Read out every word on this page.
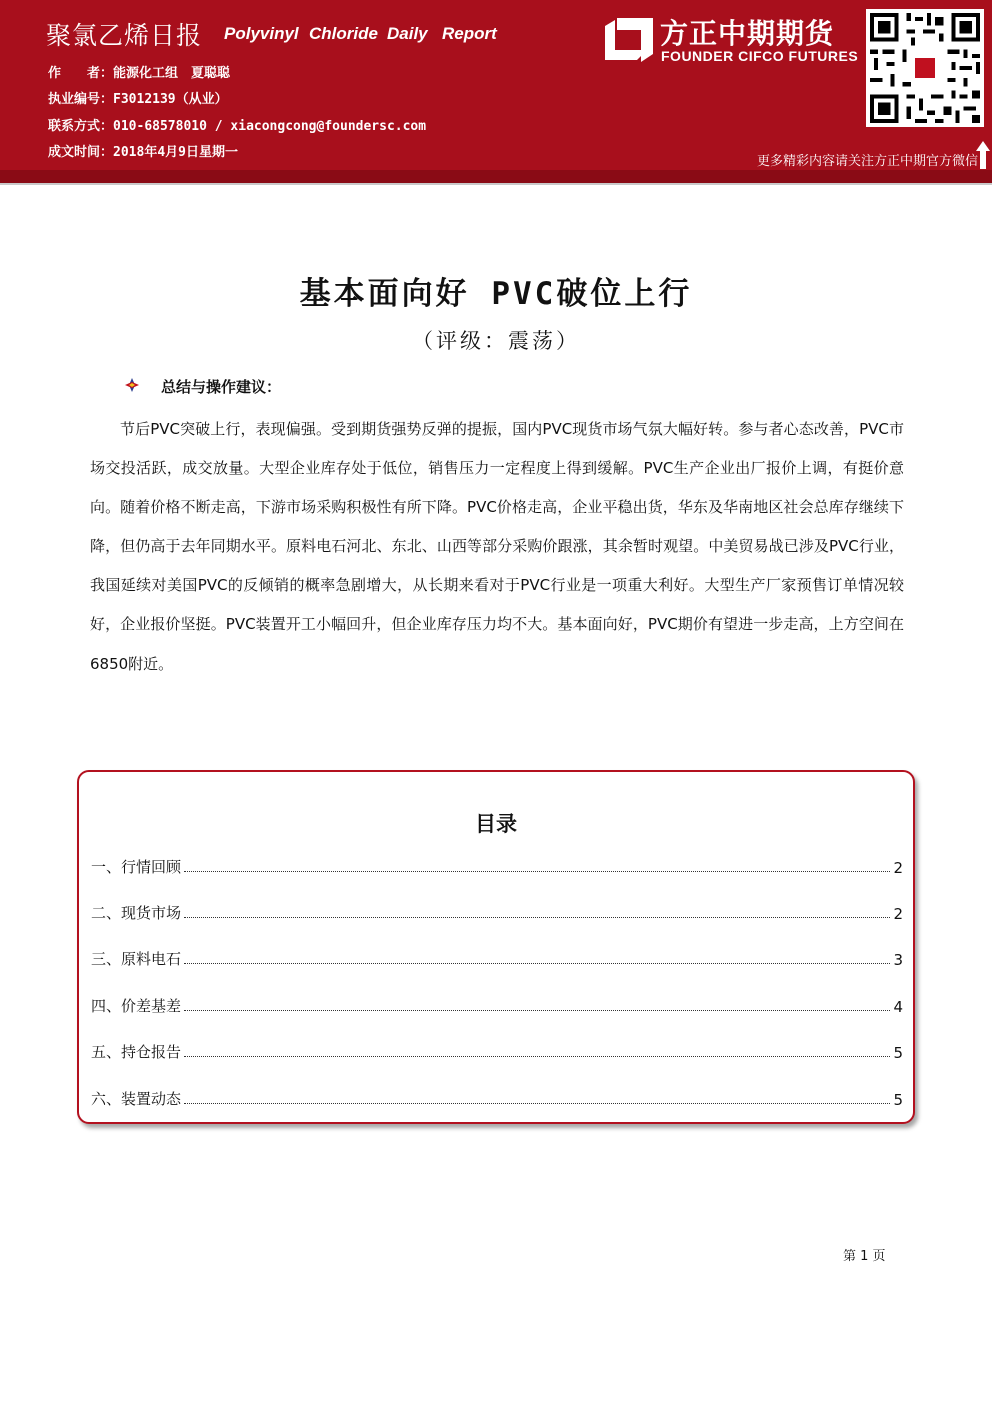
聚氯乙烯日报 Polyvinyl Chloride Daily Report
作　　者：能源化工组　夏聪聪
执业编号：F3012139（从业）
联系方式：010-68578010 / xiacongcong@foundersc.com
成文时间：2018年4月9日星期一
方正中期期货
FOUNDER CIFCO FUTURES
更多精彩内容请关注方正中期官方微信
基本面向好 PVC破位上行
（评级：震荡）
总结与操作建议：
节后PVC突破上行，表现偏强。受到期货强势反弹的提振，国内PVC现货市场气氛大幅好转。参与者心态改善，PVC市场交投活跃，成交放量。大型企业库存处于低位，销售压力一定程度上得到缓解。PVC生产企业出厂报价上调，有挺价意向。随着价格不断走高，下游市场采购积极性有所下降。PVC价格走高，企业平稳出货，华东及华南地区社会总库存继续下降，但仍高于去年同期水平。原料电石河北、东北、山西等部分采购价跟涨，其余暂时观望。中美贸易战已涉及PVC行业，我国延续对美国PVC的反倾销的概率急剧增大，从长期来看对于PVC行业是一项重大利好。大型生产厂家预售订单情况较好，企业报价坚挺。PVC装置开工小幅回升，但企业库存压力均不大。基本面向好，PVC期价有望进一步走高，上方空间在6850附近。
目录
一、行情回顾	2
二、现货市场	2
三、原料电石	3
四、价差基差	4
五、持仓报告	5
六、装置动态	5
第 1 页
